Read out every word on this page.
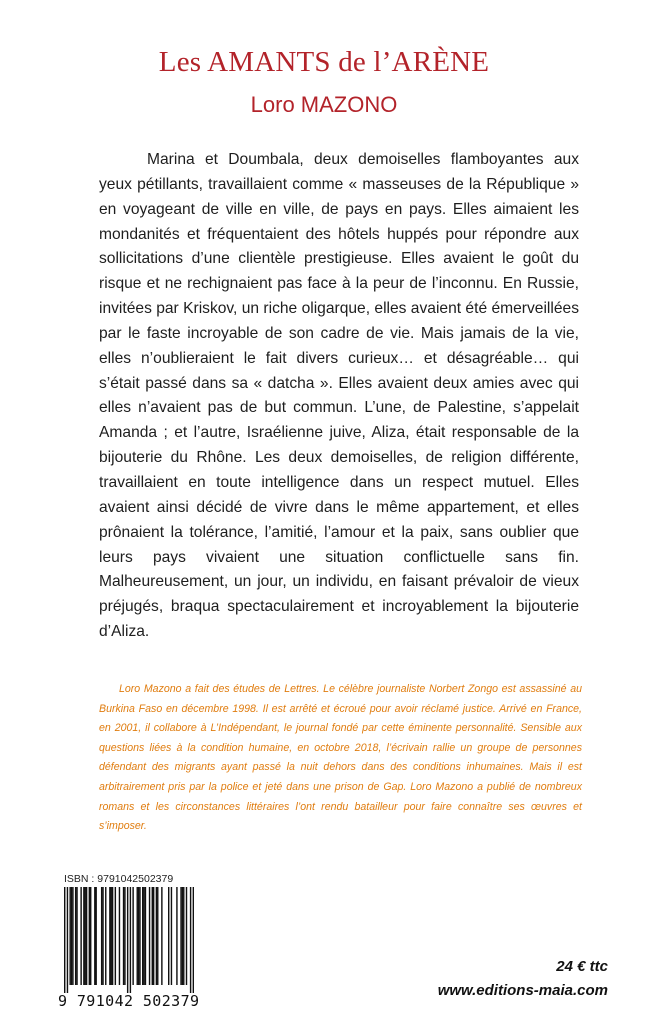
Les AMANTS de l’ARÈNE
Loro MAZONO

Marina et Doumbala, deux demoiselles flamboyantes aux yeux pétillants, travaillaient comme « masseuses de la République » en voyageant de ville en ville, de pays en pays. Elles aimaient les mondanités et fréquentaient des hôtels huppés pour répondre aux sollicitations d’une clientèle prestigieuse. Elles avaient le goût du risque et ne rechignaient pas face à la peur de l’inconnu. En Russie, invitées par Kriskov, un riche oligarque, elles avaient été émerveillées par le faste incroyable de son cadre de vie. Mais jamais de la vie, elles n’oublieraient le fait divers curieux… et désagréable… qui s’était passé dans sa « datcha ». Elles avaient deux amies avec qui elles n’avaient pas de but commun. L’une, de Palestine, s’appelait Amanda ; et l’autre, Israélienne juive, Aliza, était responsable de la bijouterie du Rhône. Les deux demoiselles, de religion différente, travaillaient en toute intelligence dans un respect mutuel. Elles avaient ainsi décidé de vivre dans le même appartement, et elles prônaient la tolérance, l’amitié, l’amour et la paix, sans oublier que leurs pays vivaient une situation conflictuelle sans fin. Malheureusement, un jour, un individu, en faisant prévaloir de vieux préjugés, braqua spectaculairement et incroyablement la bijouterie d’Aliza.

Loro Mazono a fait des études de Lettres. Le célèbre journaliste Norbert Zongo est assassiné au Burkina Faso en décembre 1998. Il est arrêté et écroué pour avoir réclamé justice. Arrivé en France, en 2001, il collabore à L’Indépendant, le journal fondé par cette éminente personnalité. Sensible aux questions liées à la condition humaine, en octobre 2018, l’écrivain rallie un groupe de personnes défendant des migrants ayant passé la nuit dehors dans des conditions inhumaines. Mais il est arbitrairement pris par la police et jeté dans une prison de Gap. Loro Mazono a publié de nombreux romans et les circonstances littéraires l’ont rendu batailleur pour faire connaître ses œuvres et s’imposer.

ISBN : 9791042502379
9 791042 502379
24 € ttc
www.editions-maia.com
